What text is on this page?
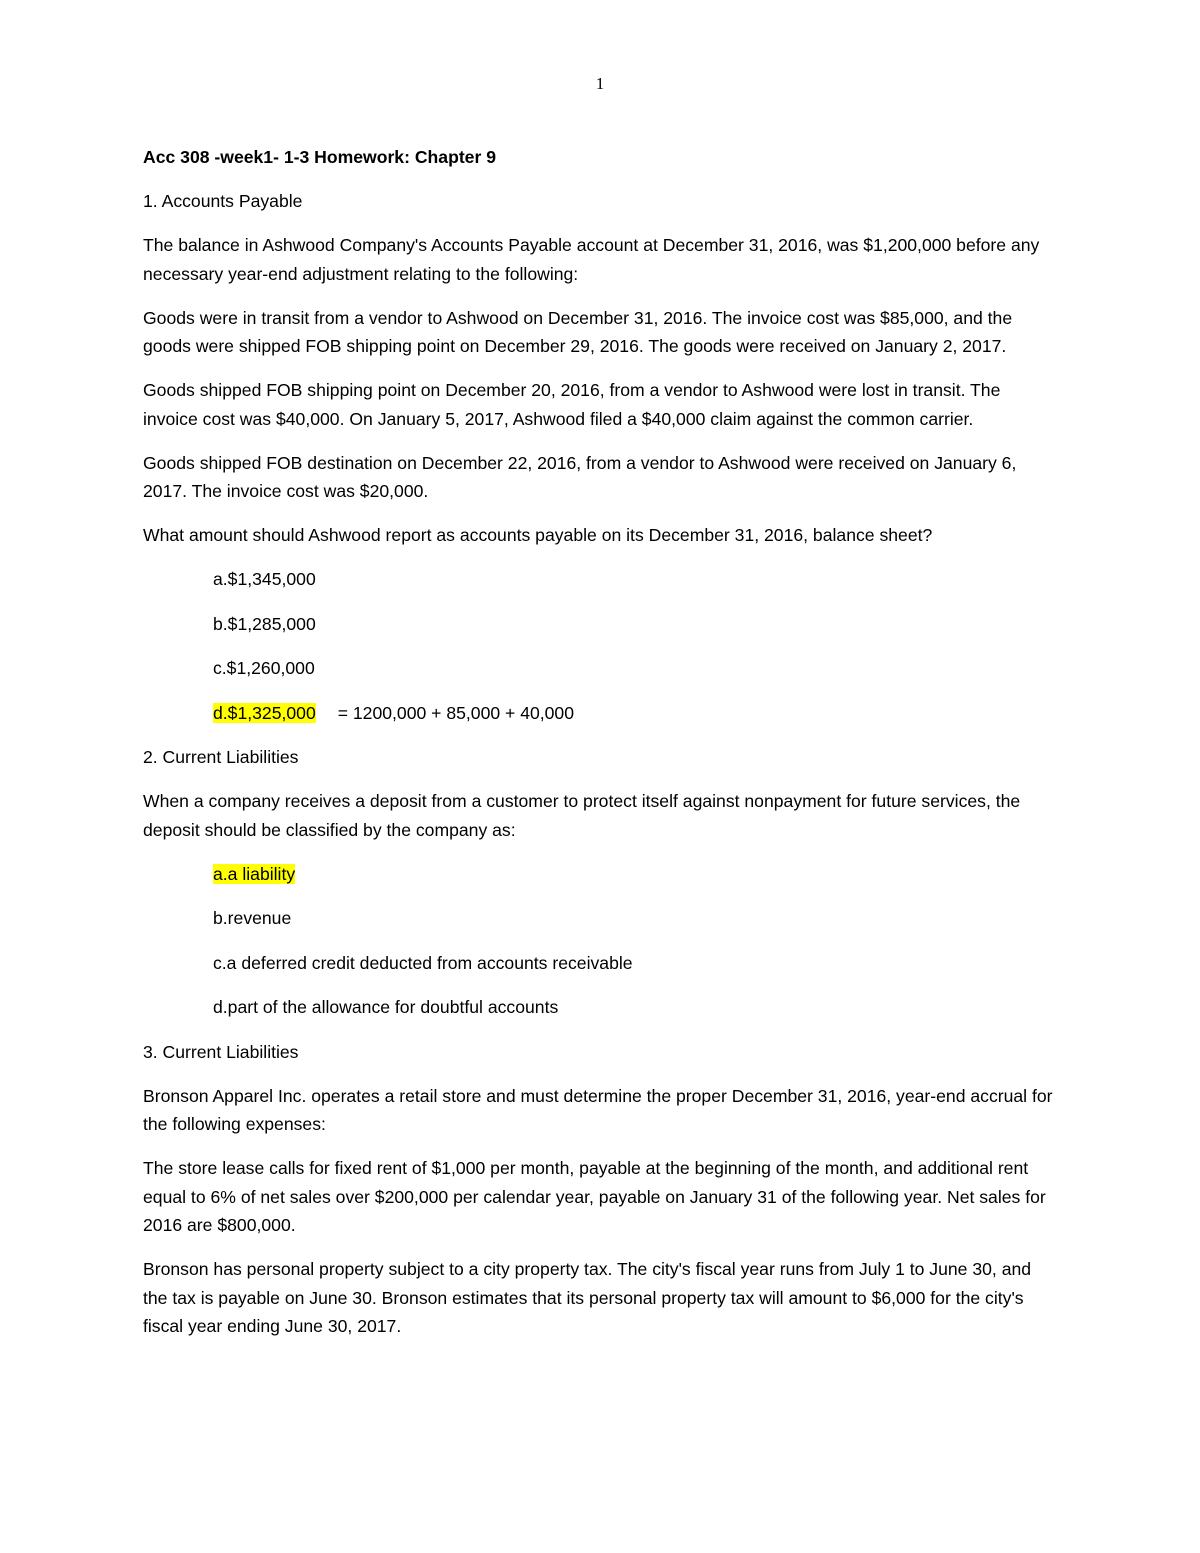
1

Acc 308 -week1- 1-3 Homework: Chapter 9

1. Accounts Payable

The balance in Ashwood Company's Accounts Payable account at December 31, 2016, was $1,200,000 before any necessary year-end adjustment relating to the following:

Goods were in transit from a vendor to Ashwood on December 31, 2016. The invoice cost was $85,000, and the goods were shipped FOB shipping point on December 29, 2016. The goods were received on January 2, 2017.

Goods shipped FOB shipping point on December 20, 2016, from a vendor to Ashwood were lost in transit. The invoice cost was $40,000. On January 5, 2017, Ashwood filed a $40,000 claim against the common carrier.

Goods shipped FOB destination on December 22, 2016, from a vendor to Ashwood were received on January 6, 2017. The invoice cost was $20,000.

What amount should Ashwood report as accounts payable on its December 31, 2016, balance sheet?

a.$1,345,000

b.$1,285,000

c.$1,260,000

d.$1,325,000 = 1200,000 + 85,000 + 40,000

2. Current Liabilities

When a company receives a deposit from a customer to protect itself against nonpayment for future services, the deposit should be classified by the company as:

a.a liability

b.revenue

c.a deferred credit deducted from accounts receivable

d.part of the allowance for doubtful accounts

3. Current Liabilities

Bronson Apparel Inc. operates a retail store and must determine the proper December 31, 2016, year-end accrual for the following expenses:

The store lease calls for fixed rent of $1,000 per month, payable at the beginning of the month, and additional rent equal to 6% of net sales over $200,000 per calendar year, payable on January 31 of the following year. Net sales for 2016 are $800,000.

Bronson has personal property subject to a city property tax. The city's fiscal year runs from July 1 to June 30, and the tax is payable on June 30. Bronson estimates that its personal property tax will amount to $6,000 for the city's fiscal year ending June 30, 2017.
